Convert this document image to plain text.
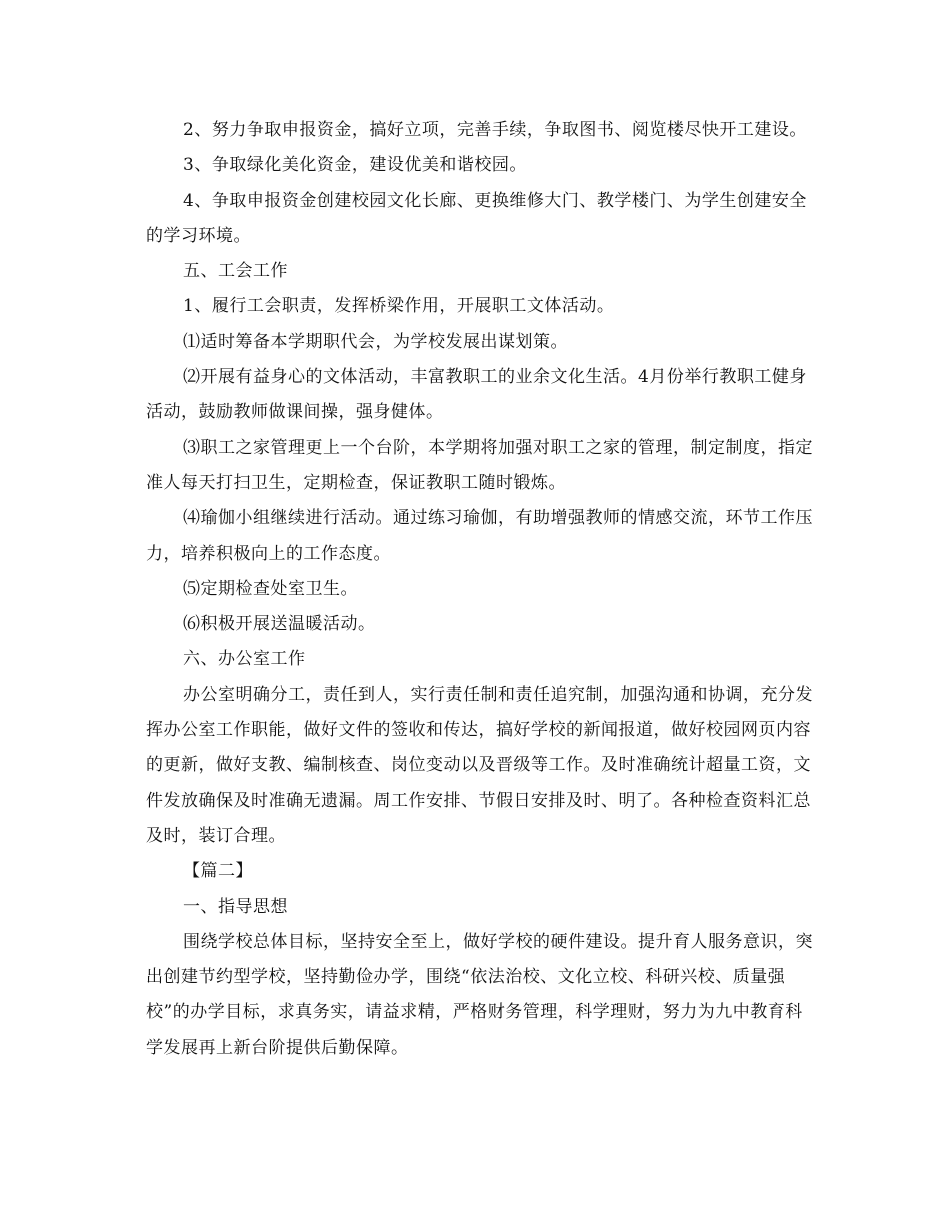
2、努力争取申报资金，搞好立项，完善手续，争取图书、阅览楼尽快开工建设。

3、争取绿化美化资金，建设优美和谐校园。

4、争取申报资金创建校园文化长廊、更换维修大门、教学楼门、为学生创建安全的学习环境。

五、工会工作

1、履行工会职责，发挥桥梁作用，开展职工文体活动。

⑴适时筹备本学期职代会，为学校发展出谋划策。

⑵开展有益身心的文体活动，丰富教职工的业余文化生活。4月份举行教职工健身活动，鼓励教师做课间操，强身健体。

⑶职工之家管理更上一个台阶，本学期将加强对职工之家的管理，制定制度，指定准人每天打扫卫生，定期检查，保证教职工随时锻炼。

⑷瑜伽小组继续进行活动。通过练习瑜伽，有助增强教师的情感交流，环节工作压力，培养积极向上的工作态度。

⑸定期检查处室卫生。

⑹积极开展送温暖活动。

六、办公室工作

办公室明确分工，责任到人，实行责任制和责任追究制，加强沟通和协调，充分发挥办公室工作职能，做好文件的签收和传达，搞好学校的新闻报道，做好校园网页内容的更新，做好支教、编制核查、岗位变动以及晋级等工作。及时准确统计超量工资，文件发放确保及时准确无遗漏。周工作安排、节假日安排及时、明了。各种检查资料汇总及时，装订合理。

【篇二】

一、指导思想

围绕学校总体目标，坚持安全至上，做好学校的硬件建设。提升育人服务意识，突出创建节约型学校，坚持勤俭办学，围绕“依法治校、文化立校、科研兴校、质量强校”的办学目标，求真务实，请益求精，严格财务管理，科学理财，努力为九中教育科学发展再上新台阶提供后勤保障。
